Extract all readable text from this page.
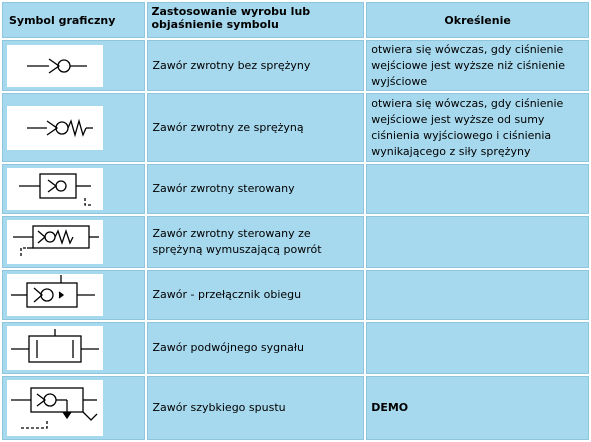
Symbol graficzny	Zastosowanie wyrobu lub objaśnienie symbolu	Określenie

	Zawór zwrotny bez sprężyny	otwiera się wówczas, gdy ciśnienie wejściowe jest wyższe niż ciśnienie wyjściowe

	Zawór zwrotny ze sprężyną	otwiera się wówczas, gdy ciśnienie wejściowe jest wyższe od sumy ciśnienia wyjściowego i ciśnienia wynikającego z siły sprężyny

	Zawór zwrotny sterowany	

	Zawór zwrotny sterowany ze sprężyną wymuszającą powrót	

	Zawór - przełącznik obiegu	

	Zawór podwójnego sygnału	

	Zawór szybkiego spustu	DEMO
